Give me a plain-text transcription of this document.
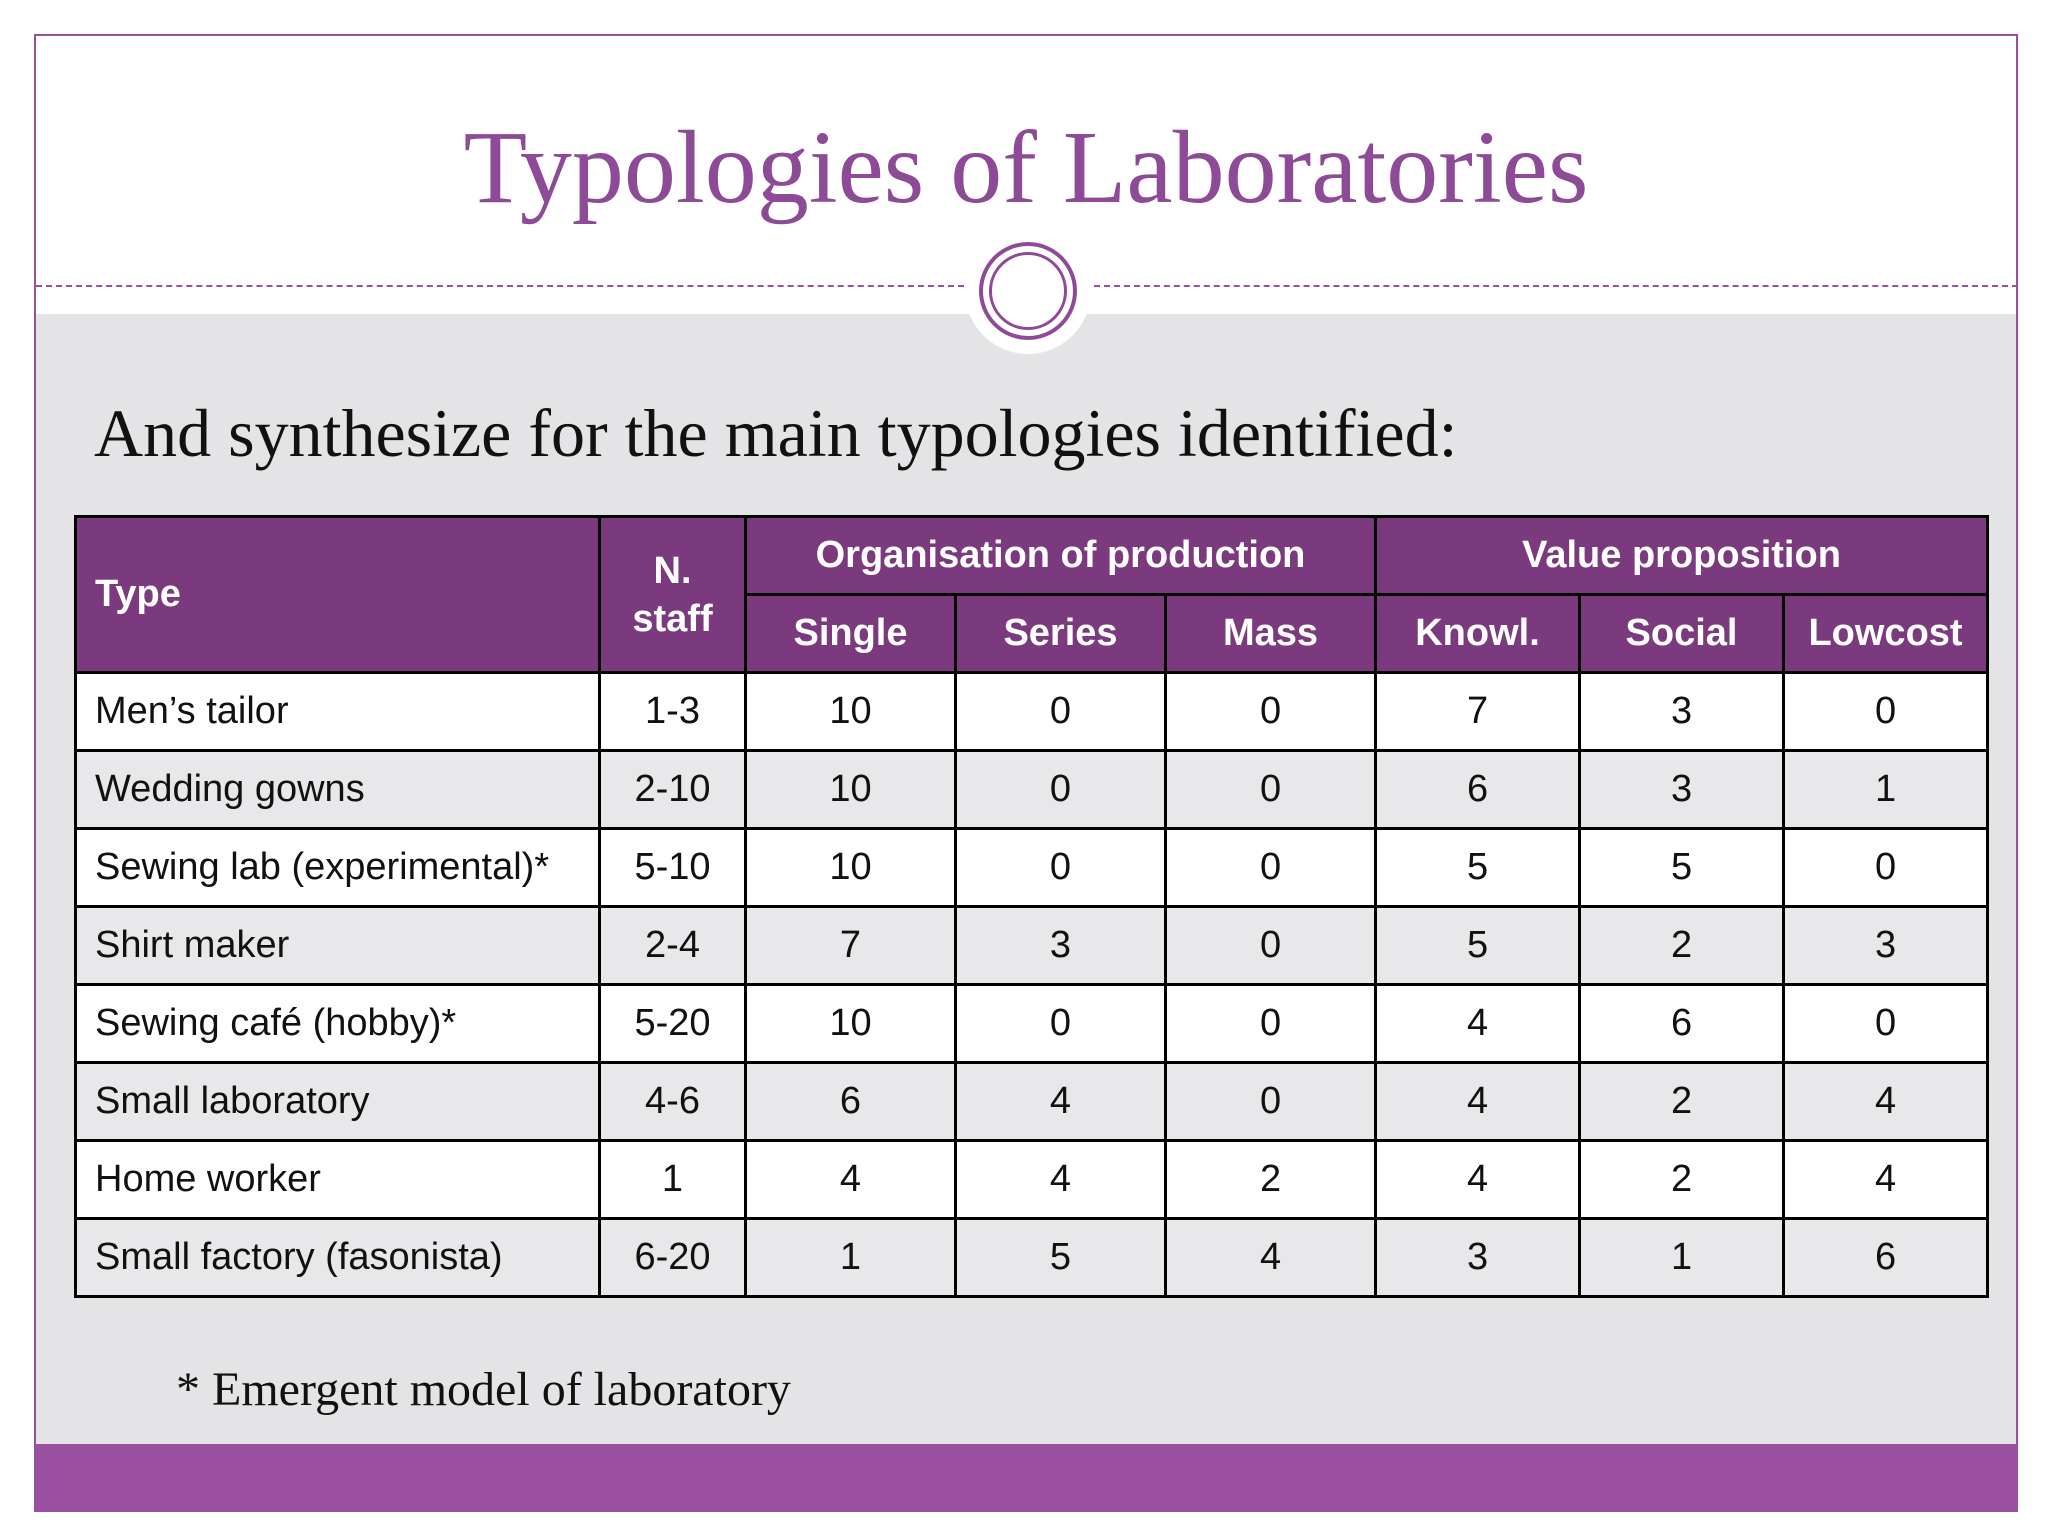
Typologies of Laboratories
And synthesize for the main typologies identified:
Type	N. staff	Organisation of production			Value proposition		
		Single	Series	Mass	Knowl.	Social	Lowcost
Men’s tailor	1-3	10	0	0	7	3	0
Wedding gowns	2-10	10	0	0	6	3	1
Sewing lab (experimental)*	5-10	10	0	0	5	5	0
Shirt maker	2-4	7	3	0	5	2	3
Sewing café (hobby)*	5-20	10	0	0	4	6	0
Small laboratory	4-6	6	4	0	4	2	4
Home worker	1	4	4	2	4	2	4
Small factory (fasonista)	6-20	1	5	4	3	1	6
* Emergent model of laboratory
